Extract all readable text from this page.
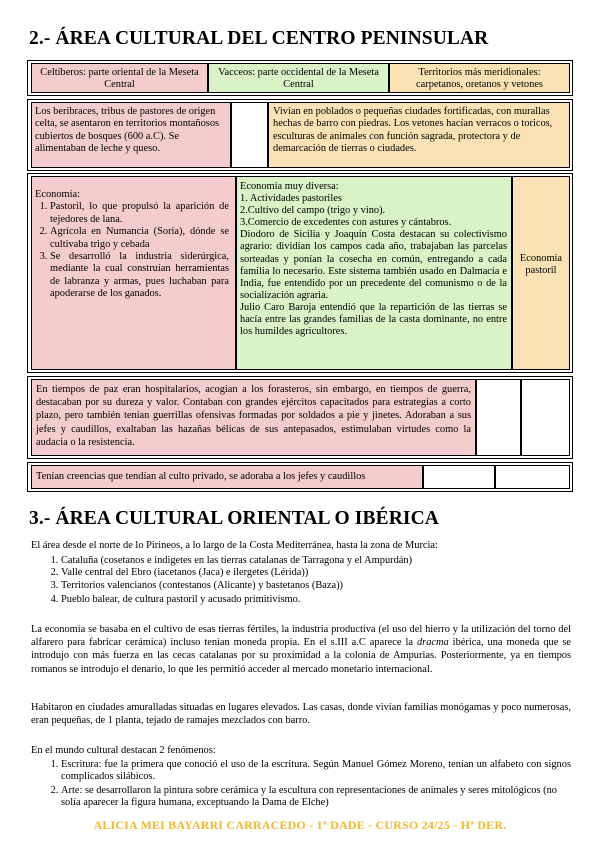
2.- ÁREA CULTURAL DEL CENTRO PENINSULAR
Celtíberos: parte oriental de la Meseta Central
Vacceos: parte occidental de la Meseta Central
Territorios más meridionales: carpetanos, oretanos y vetones
Los beribraces, tribus de pastores de origen celta, se asentaron en territorios montañosos cubiertos de bosques (600 a.C). Se alimentaban de leche y queso.
Vivían en poblados o pequeñas ciudades fortificadas, con murallas hechas de barro con piedras. Los vetones hacían verracos o toricos, esculturas de animales con función sagrada, protectora y de demarcación de tierras o ciudades.
Economía:
1. Pastoril, lo que propulsó la aparición de tejedores de lana.
2. Agrícola en Numancia (Soria), dónde se cultivaba trigo y cebada
3. Se desarrolló la industria siderúrgica, mediante la cual construían herramientas de labranza y armas, pues luchaban para apoderarse de los ganados.
Economía muy diversa:
1. Actividades pastoriles
2.Cultivo del campo (trigo y vino).
3.Comercio de excedentes con astures y cántabros.
Diodoro de Sicilia y Joaquín Costa destacan su colectivismo agrario: dividían los campos cada año, trabajaban las parcelas sorteadas y ponían la cosecha en común, entregando a cada familia lo necesario. Este sistema también usado en Dalmacia e India, fue entendido por un precedente del comunismo o de la socialización agraria.
Julio Caro Baroja entendió que la repartición de las tierras se hacía entre las grandes familias de la casta dominante, no entre los humildes agricultores.
Economía pastoril
En tiempos de paz eran hospitalarios, acogían a los forasteros, sin embargo, en tiempos de guerra, destacaban por su dureza y valor. Contaban con grandes ejércitos capacitados para estrategias a corto plazo, pero también tenían guerrillas ofensivas formadas por soldados a pie y jinetes. Adoraban a sus jefes y caudillos, exaltaban las hazañas bélicas de sus antepasados, estimulaban virtudes como la audacia o la resistencia.
Tenían creencias que tendían al culto privado, se adoraba a los jefes y caudillos
3.- ÁREA CULTURAL ORIENTAL O IBÉRICA
El área desde el norte de lo Pirineos, a lo largo de la Costa Mediterránea, hasta la zona de Murcia:
1. Cataluña (cosetanos e indigetes en las tierras catalanas de Tarragona y el Ampurdán)
2. Valle central del Ebro (iacetanos (Jaca) e ilergetes (Lérida))
3. Territorios valencianos (contestanos (Alicante) y bastetanos (Baza))
4. Pueblo balear, de cultura pastoril y acusado primitivismo.
La economía se basaba en el cultivo de esas tierras fértiles, la industria productiva (el uso del hierro y la utilización del torno del alfarero para fabricar cerámica) incluso tenían moneda propia. En el s.III a.C aparece la dracma ibérica, una moneda que se introdujo con más fuerza en las cecas catalanas por su proximidad a la colonia de Ampurias. Posteriormente, ya en tiempos romanos se introdujo el denario, lo que les permitió acceder al mercado monetario internacional.
Habitaron en ciudades amuralladas situadas en lugares elevados. Las casas, donde vivían familias monógamas y poco numerosas, eran pequeñas, de 1 planta, tejado de ramajes mezclados con barro.
En el mundo cultural destacan 2 fenómenos:
1. Escritura: fue la primera que conoció el uso de la escritura. Según Manuel Gómez Moreno, tenían un alfabeto con signos complicados silábicos.
2. Arte: se desarrollaron la pintura sobre cerámica y la escultura con representaciones de animales y seres mitológicos (no solía aparecer la figura humana, exceptuando la Dama de Elche)
ALICIA MEI BAYARRI CARRACEDO - 1º DADE - CURSO 24/25 - Hª DER.
